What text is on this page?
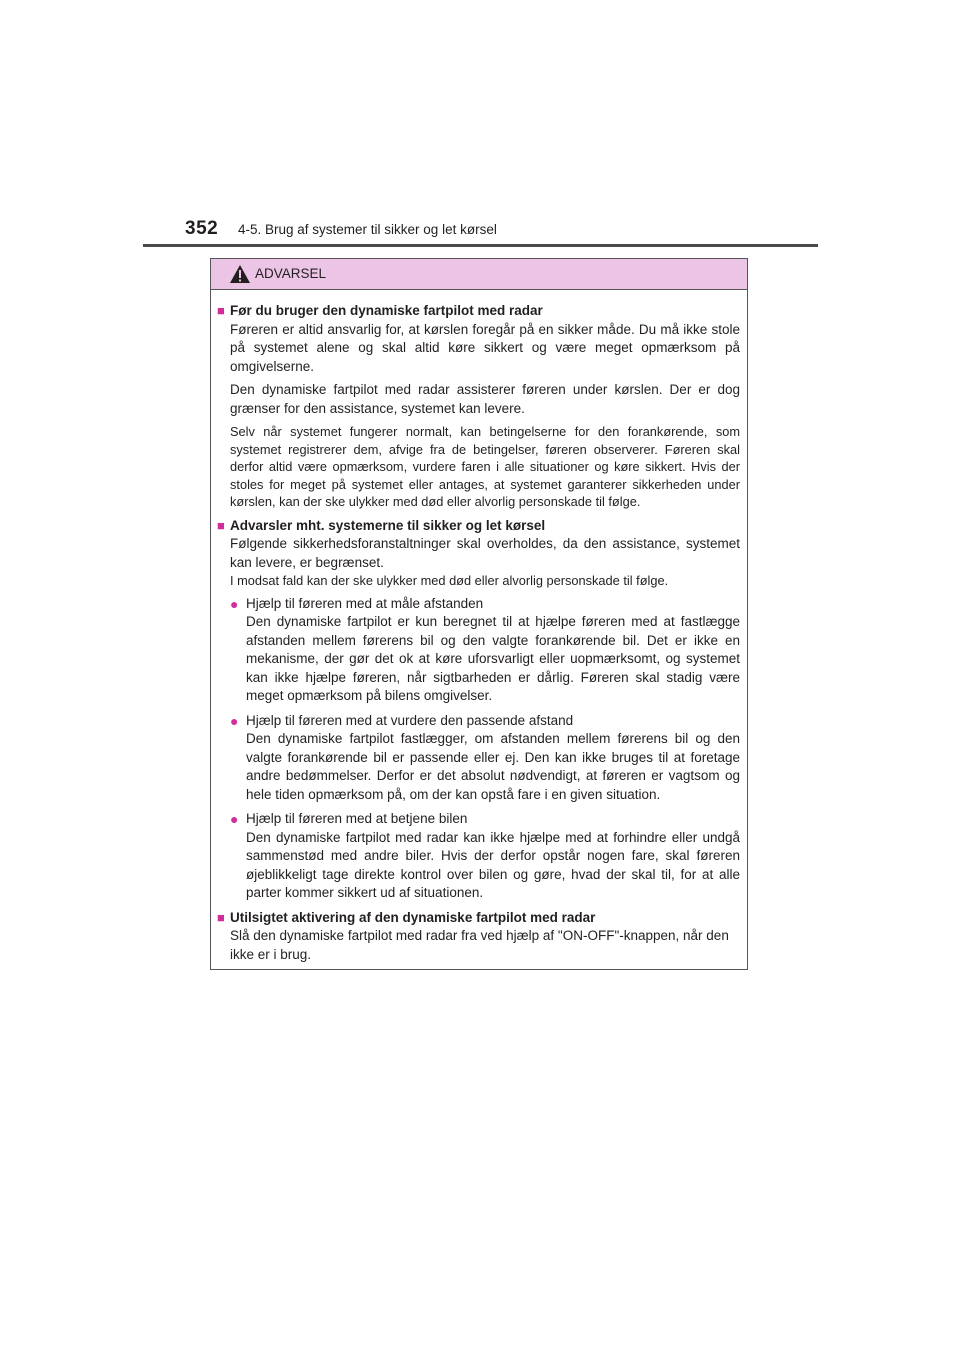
352 4-5. Brug af systemer til sikker og let kørsel
ADVARSEL
■ Før du bruger den dynamiske fartpilot med radar

Føreren er altid ansvarlig for, at kørslen foregår på en sikker måde. Du må ikke stole på systemet alene og skal altid køre sikkert og være meget opmærksom på omgivelserne.

Den dynamiske fartpilot med radar assisterer føreren under kørslen. Der er dog grænser for den assistance, systemet kan levere.

Selv når systemet fungerer normalt, kan betingelserne for den forankørende, som systemet registrerer dem, afvige fra de betingelser, føreren observerer. Føreren skal derfor altid være opmærksom, vurdere faren i alle situationer og køre sikkert. Hvis der stoles for meget på systemet eller antages, at systemet garanterer sikkerheden under kørslen, kan der ske ulykker med død eller alvorlig personskade til følge.

■ Advarsler mht. systemerne til sikker og let kørsel

Følgende sikkerhedsforanstaltninger skal overholdes, da den assistance, systemet kan levere, er begrænset.

I modsat fald kan der ske ulykker med død eller alvorlig personskade til følge.

● Hjælp til føreren med at måle afstanden

Den dynamiske fartpilot er kun beregnet til at hjælpe føreren med at fastlægge afstanden mellem førerens bil og den valgte forankørende bil. Det er ikke en mekanisme, der gør det ok at køre uforsvarligt eller uopmærksomt, og systemet kan ikke hjælpe føreren, når sigtbarheden er dårlig. Føreren skal stadig være meget opmærksom på bilens omgivelser.

● Hjælp til føreren med at vurdere den passende afstand

Den dynamiske fartpilot fastlægger, om afstanden mellem førerens bil og den valgte forankørende bil er passende eller ej. Den kan ikke bruges til at foretage andre bedømmelser. Derfor er det absolut nødvendigt, at føreren er vagtsom og hele tiden opmærksom på, om der kan opstå fare i en given situation.

● Hjælp til føreren med at betjene bilen

Den dynamiske fartpilot med radar kan ikke hjælpe med at forhindre eller undgå sammenstød med andre biler. Hvis der derfor opstår nogen fare, skal føreren øjeblikkeligt tage direkte kontrol over bilen og gøre, hvad der skal til, for at alle parter kommer sikkert ud af situationen.

■ Utilsigtet aktivering af den dynamiske fartpilot med radar

Slå den dynamiske fartpilot med radar fra ved hjælp af "ON-OFF"-knappen, når den ikke er i brug.
